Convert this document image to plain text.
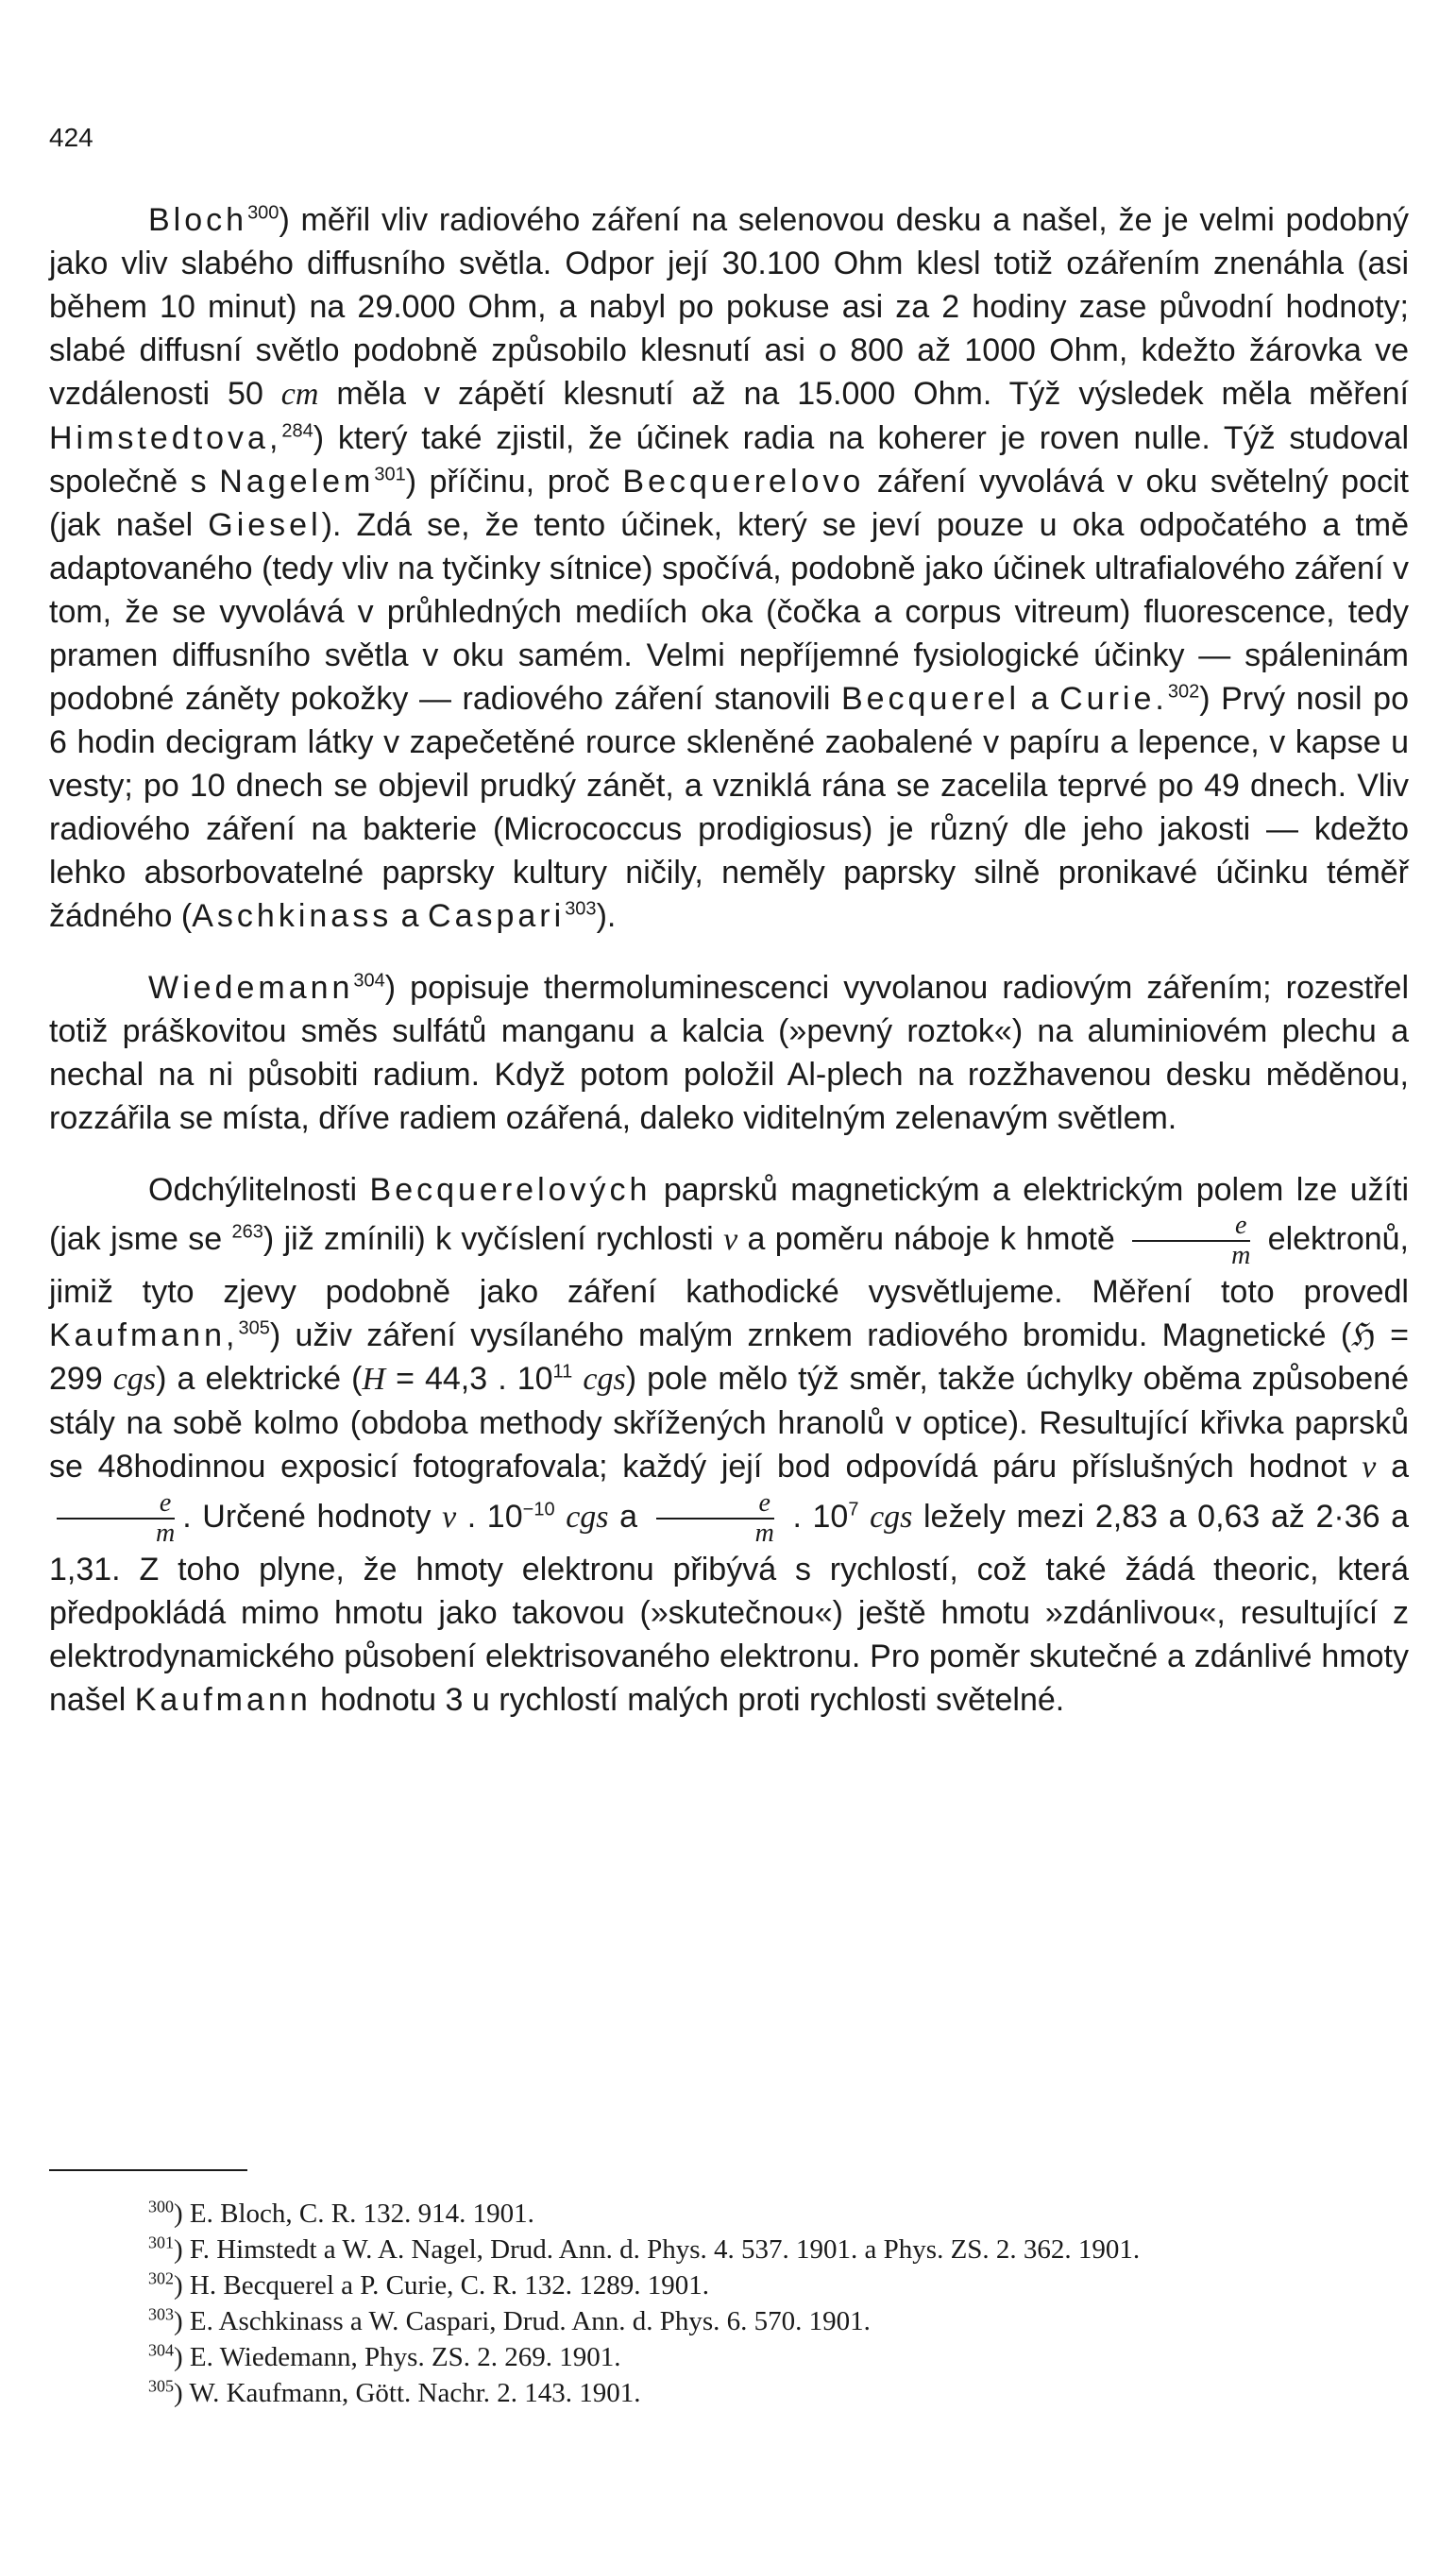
424

Bloch$^{300}$) měřil vliv radiového záření na selenovou desku a našel, že je velmi podobný jako vliv slabého diffusního světla. Odpor její 30.100 Ohm klesl totiž ozářením znenáhla (asi během 10 minut) na 29.000 Ohm, a nabyl po pokuse asi za 2 hodiny zase původní hodnoty; slabé diffusní světlo podobně způsobilo klesnutí asi o 800 až 1000 Ohm, kdežto žárovka ve vzdálenosti 50 cm měla v zápětí klesnutí až na 15.000 Ohm. Týž výsledek měla měření Himstedtova,$^{284}$) který také zjistil, že účinek radia na koherer je roven nulle. Týž studoval společně s Nagelem$^{301}$) příčinu, proč Becquerelovo záření vyvolává v oku světelný pocit (jak našel Giesel). Zdá se, že tento účinek, který se jeví pouze u oka odpočatého a tmě adaptovaného (tedy vliv na tyčinky sítnice) spočívá, podobně jako účinek ultrafialového záření v tom, že se vyvolává v průhledných mediích oka (čočka a corpus vitreum) fluorescence, tedy pramen diffusního světla v oku samém. Velmi nepříjemné fysiologické účinky — spáleninám podobné záněty pokožky — radiového záření stanovili Becquerel a Curie.$^{302}$) Prvý nosil po 6 hodin decigram látky v zapečetěné rource skleněné zaobalené v papíru a lepence, v kapse u vesty; po 10 dnech se objevil prudký zánět, a vzniklá rána se zacelila teprvé po 49 dnech. Vliv radiového záření na bakterie (Micrococcus prodigiosus) je různý dle jeho jakosti — kdežto lehko absorbovatelné paprsky kultury ničily, neměly paprsky silně pronikavé účinku téměř žádného (Aschkinass a Caspari$^{303}$).

Wiedemann$^{304}$) popisuje thermoluminescenci vyvolanou radiovým zářením; rozestřel totiž práškovitou směs sulfátů manganu a kalcia (»pevný roztok«) na aluminiovém plechu a nechal na ni působiti radium. Když potom položil Al-plech na rozžhavenou desku měděnou, rozzářila se místa, dříve radiem ozářená, daleko viditelným zelenavým světlem.

Odchýlitelnosti Becquerelových paprsků magnetickým a elektrickým polem lze užíti (jak jsme se $^{263}$) již zmínili) k vyčíslení rychlosti v a poměru náboje k hmotě $\frac{e}{m}$ elektronů, jimiž tyto zjevy podobně jako záření kathodické vysvětlujeme. Měření toto provedl Kaufmann,$^{305}$) uživ záření vysílaného malým zrnkem radiového bromidu. Magnetické (ℌ = 299 cgs) a elektrické (H = 44,3 . $10^{11}$ cgs) pole mělo týž směr, takže úchylky oběma způsobené stály na sobě kolmo (obdoba methody skřížených hranolů v optice). Resultující křivka paprsků se 48hodinnou exposicí fotografovala; každý její bod odpovídá páru příslušných hodnot v a
$\frac{e}{m}$ . Určené hodnoty v . $10^{-10}$ cgs a $\frac{e}{m}$ . $10^7$ cgs ležely mezi 2,83 a 0,63 až 2·36 a 1,31. Z toho plyne, že hmoty elektronu přibývá s rychlostí, což také žádá theoric, která předpokládá mimo hmotu jako takovou (»skutečnou«) ještě hmotu »zdánlivou«, resultující z elektrodynamického působení elektrisovaného elektronu. Pro poměr skutečné a zdánlivé hmoty našel Kaufmann hodnotu 3 u rychlostí malých proti rychlosti světelné.

$^{300}$) E. Bloch, C. R. 132. 914. 1901.

$^{301}$) F. Himstedt a W. A. Nagel, Drud. Ann. d. Phys. 4. 537. 1901. a Phys. ZS. 2. 362. 1901.

$^{302}$) H. Becquerel a P. Curie, C. R. 132. 1289. 1901.

$^{303}$) E. Aschkinass a W. Caspari, Drud. Ann. d. Phys. 6. 570. 1901.

$^{304}$) E. Wiedemann, Phys. ZS. 2. 269. 1901.

$^{305}$) W. Kaufmann, Gött. Nachr. 2. 143. 1901.
